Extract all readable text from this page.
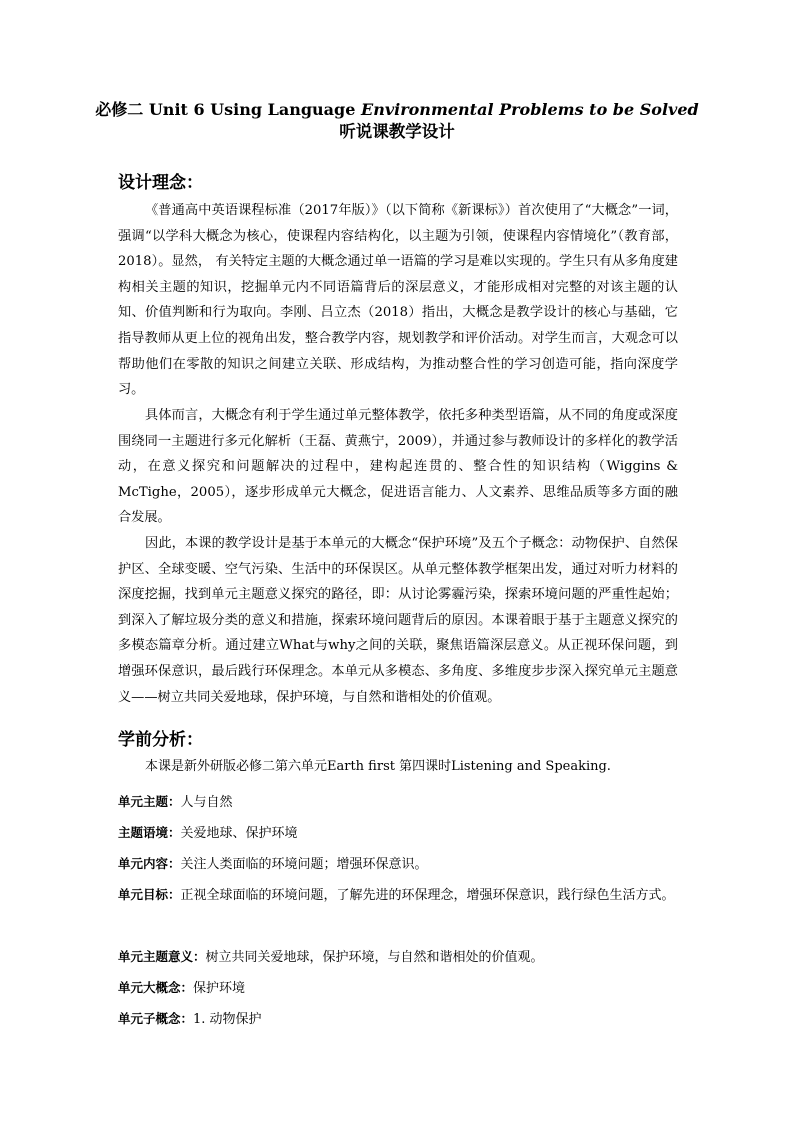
必修二 Unit 6 Using Language Environmental Problems to be Solved
听说课教学设计
设计理念：

《普通高中英语课程标准（2017年版）》（以下简称《新课标》）首次使用了“大概念”一词，强调“以学科大概念为核心，使课程内容结构化，以主题为引领，使课程内容情境化”（教育部，2018）。显然， 有关特定主题的大概念通过单一语篇的学习是难以实现的。学生只有从多角度建构相关主题的知识，挖掘单元内不同语篇背后的深层意义，才能形成相对完整的对该主题的认知、价值判断和行为取向。李刚、吕立杰（2018）指出，大概念是教学设计的核心与基础，它指导教师从更上位的视角出发，整合教学内容，规划教学和评价活动。对学生而言，大观念可以帮助他们在零散的知识之间建立关联、形成结构，为推动整合性的学习创造可能，指向深度学习。

具体而言，大概念有利于学生通过单元整体教学，依托多种类型语篇，从不同的角度或深度围绕同一主题进行多元化解析（王磊、黄燕宁，2009），并通过参与教师设计的多样化的教学活动，在意义探究和问题解决的过程中，建构起连贯的、整合性的知识结构（Wiggins & McTighe，2005），逐步形成单元大概念，促进语言能力、人文素养、思维品质等多方面的融合发展。

因此，本课的教学设计是基于本单元的大概念“保护环境”及五个子概念：动物保护、自然保护区、全球变暖、空气污染、生活中的环保误区。从单元整体教学框架出发，通过对听力材料的深度挖掘，找到单元主题意义探究的路径，即：从讨论雾霾污染，探索环境问题的严重性起始；到深入了解垃圾分类的意义和措施，探索环境问题背后的原因。本课着眼于基于主题意义探究的多模态篇章分析。通过建立What与why之间的关联，聚焦语篇深层意义。从正视环保问题，到增强环保意识，最后践行环保理念。本单元从多模态、多角度、多维度步步深入探究单元主题意义——树立共同关爱地球，保护环境，与自然和谐相处的价值观。

学前分析：
本课是新外研版必修二第六单元Earth first 第四课时Listening and Speaking.

单元主题：人与自然

主题语境：关爱地球、保护环境

单元内容：关注人类面临的环境问题；增强环保意识。

单元目标：正视全球面临的环境问题，了解先进的环保理念，增强环保意识，践行绿色生活方式。

单元主题意义：树立共同关爱地球，保护环境，与自然和谐相处的价值观。

单元大概念：保护环境

单元子概念：1. 动物保护
